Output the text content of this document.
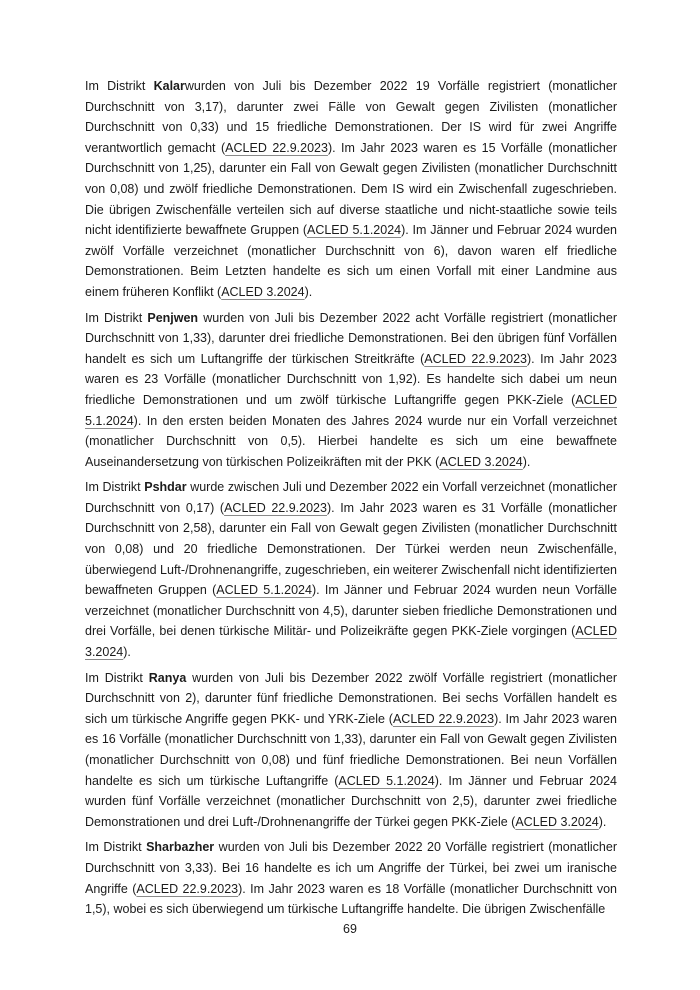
Im Distrikt Kalarwurden von Juli bis Dezember 2022 19 Vorfälle registriert (monatlicher Durchschnitt von 3,17), darunter zwei Fälle von Gewalt gegen Zivilisten (monatlicher Durchschnitt von 0,33) und 15 friedliche Demonstrationen. Der IS wird für zwei Angriffe verantwortlich gemacht (ACLED 22.9.2023). Im Jahr 2023 waren es 15 Vorfälle (monatlicher Durchschnitt von 1,25), darunter ein Fall von Gewalt gegen Zivilisten (monatlicher Durchschnitt von 0,08) und zwölf friedliche Demonstrationen. Dem IS wird ein Zwischenfall zugeschrieben. Die übrigen Zwischenfälle verteilen sich auf diverse staatliche und nicht-staatliche sowie teils nicht identifizierte bewaffnete Gruppen (ACLED 5.1.2024). Im Jänner und Februar 2024 wurden zwölf Vorfälle verzeichnet (monatlicher Durchschnitt von 6), davon waren elf friedliche Demonstrationen. Beim Letzten handelte es sich um einen Vorfall mit einer Landmine aus einem früheren Konflikt (ACLED 3.2024).

Im Distrikt Penjwen wurden von Juli bis Dezember 2022 acht Vorfälle registriert (monatlicher Durchschnitt von 1,33), darunter drei friedliche Demonstrationen. Bei den übrigen fünf Vorfällen handelt es sich um Luftangriffe der türkischen Streitkräfte (ACLED 22.9.2023). Im Jahr 2023 waren es 23 Vorfälle (monatlicher Durchschnitt von 1,92). Es handelte sich dabei um neun friedliche Demonstrationen und um zwölf türkische Luftangriffe gegen PKK-Ziele (ACLED 5.1.2024). In den ersten beiden Monaten des Jahres 2024 wurde nur ein Vorfall verzeichnet (monatlicher Durchschnitt von 0,5). Hierbei handelte es sich um eine bewaffnete Auseinandersetzung von türkischen Polizeikräften mit der PKK (ACLED 3.2024).

Im Distrikt Pshdar wurde zwischen Juli und Dezember 2022 ein Vorfall verzeichnet (monatlicher Durchschnitt von 0,17) (ACLED 22.9.2023). Im Jahr 2023 waren es 31 Vorfälle (monatlicher Durchschnitt von 2,58), darunter ein Fall von Gewalt gegen Zivilisten (monatlicher Durchschnitt von 0,08) und 20 friedliche Demonstrationen. Der Türkei werden neun Zwischenfälle, überwiegend Luft-/Drohnenangriffe, zugeschrieben, ein weiterer Zwischenfall nicht identifizierten bewaffneten Gruppen (ACLED 5.1.2024). Im Jänner und Februar 2024 wurden neun Vorfälle verzeichnet (monatlicher Durchschnitt von 4,5), darunter sieben friedliche Demonstrationen und drei Vorfälle, bei denen türkische Militär- und Polizeikräfte gegen PKK-Ziele vorgingen (ACLED 3.2024).

Im Distrikt Ranya wurden von Juli bis Dezember 2022 zwölf Vorfälle registriert (monatlicher Durchschnitt von 2), darunter fünf friedliche Demonstrationen. Bei sechs Vorfällen handelt es sich um türkische Angriffe gegen PKK- und YRK-Ziele (ACLED 22.9.2023). Im Jahr 2023 waren es 16 Vorfälle (monatlicher Durchschnitt von 1,33), darunter ein Fall von Gewalt gegen Zivilisten (monatlicher Durchschnitt von 0,08) und fünf friedliche Demonstrationen. Bei neun Vorfällen handelte es sich um türkische Luftangriffe (ACLED 5.1.2024). Im Jänner und Februar 2024 wurden fünf Vorfälle verzeichnet (monatlicher Durchschnitt von 2,5), darunter zwei friedliche Demonstrationen und drei Luft-/Drohnenangriffe der Türkei gegen PKK-Ziele (ACLED 3.2024).

Im Distrikt Sharbazher wurden von Juli bis Dezember 2022 20 Vorfälle registriert (monatlicher Durchschnitt von 3,33). Bei 16 handelte es ich um Angriffe der Türkei, bei zwei um iranische Angriffe (ACLED 22.9.2023). Im Jahr 2023 waren es 18 Vorfälle (monatlicher Durchschnitt von 1,5), wobei es sich überwiegend um türkische Luftangriffe handelte. Die übrigen Zwischenfälle

69
